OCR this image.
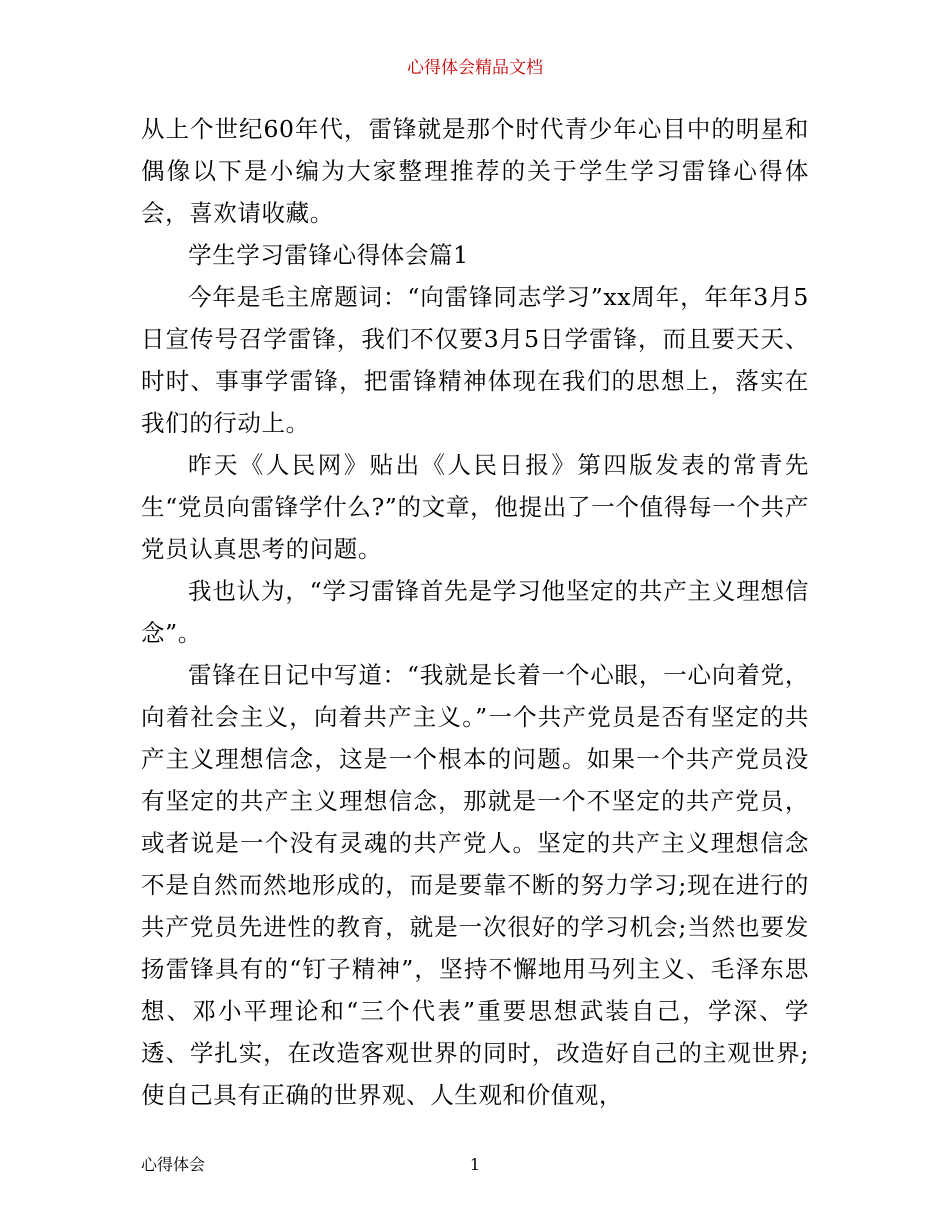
心得体会精品文档

从上个世纪60年代，雷锋就是那个时代青少年心目中的明星和偶像以下是小编为大家整理推荐的关于学生学习雷锋心得体会，喜欢请收藏。

学生学习雷锋心得体会篇1

今年是毛主席题词：“向雷锋同志学习”xx周年，年年3月5日宣传号召学雷锋，我们不仅要3月5日学雷锋，而且要天天、时时、事事学雷锋，把雷锋精神体现在我们的思想上，落实在我们的行动上。

昨天《人民网》贴出《人民日报》第四版发表的常青先生“党员向雷锋学什么?”的文章，他提出了一个值得每一个共产党员认真思考的问题。

我也认为，“学习雷锋首先是学习他坚定的共产主义理想信念”。

雷锋在日记中写道：“我就是长着一个心眼，一心向着党，向着社会主义，向着共产主义。”一个共产党员是否有坚定的共产主义理想信念，这是一个根本的问题。如果一个共产党员没有坚定的共产主义理想信念，那就是一个不坚定的共产党员，或者说是一个没有灵魂的共产党人。坚定的共产主义理想信念不是自然而然地形成的，而是要靠不断的努力学习;现在进行的共产党员先进性的教育，就是一次很好的学习机会;当然也要发扬雷锋具有的“钉子精神”，坚持不懈地用马列主义、毛泽东思想、邓小平理论和“三个代表”重要思想武装自己，学深、学透、学扎实，在改造客观世界的同时，改造好自己的主观世界;使自己具有正确的世界观、人生观和价值观，

心得体会	1
